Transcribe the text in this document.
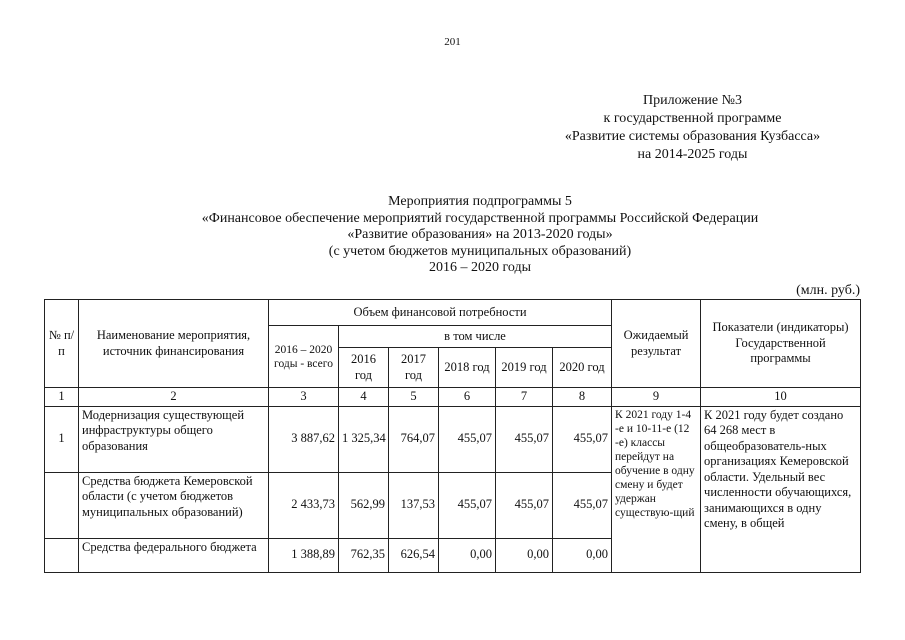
201
Приложение №3
к государственной программе
«Развитие системы образования Кузбасса»
на 2014-2025 годы
Мероприятия подпрограммы 5
«Финансовое обеспечение мероприятий государственной программы Российской Федерации
«Развитие образования» на 2013-2020 годы»
(с учетом бюджетов муниципальных образований)
2016 – 2020 годы
(млн. руб.)
№ п/п	Наименование мероприятия, источник финансирования	Объем финансовой потребности						Ожидаемый результат	Показатели (индикаторы) Государственной программы
		2016 – 2020 годы - всего	в том числе						
			2016 год	2017 год	2018 год	2019 год	2020 год		
1	2	3	4	5	6	7	8	9	10
1	Модернизация существующей инфраструктуры общего образования	3 887,62	1 325,34	764,07	455,07	455,07	455,07	К 2021 году 1-4 -е и 10-11-е (12 -е) классы перейдут на обучение в одну смену и будет удержан существую-щий	К 2021 году будет создано 64 268 мест в общеобразователь-ных организациях Кемеровской области. Удельный вес численности обучающихся, занимающихся в одну смену, в общей
	Средства бюджета Кемеровской области (с учетом бюджетов муниципальных образований)	2 433,73	562,99	137,53	455,07	455,07	455,07		
	Средства федерального бюджета	1 388,89	762,35	626,54	0,00	0,00	0,00		
